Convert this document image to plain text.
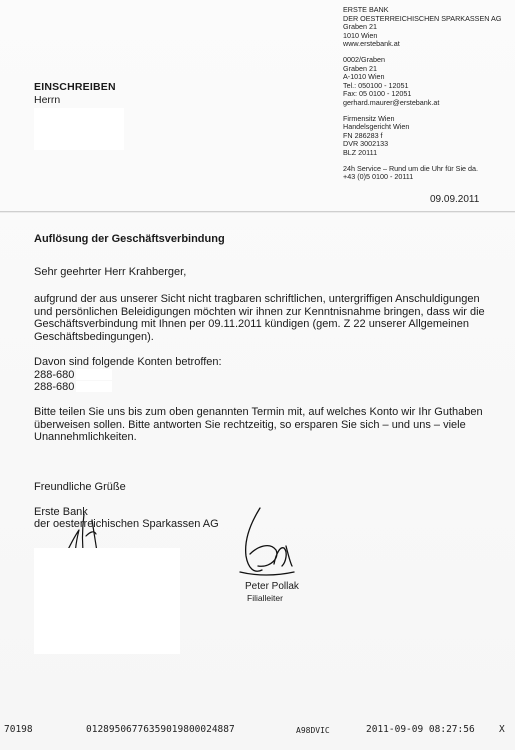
ERSTE BANK
DER OESTERREICHISCHEN SPARKASSEN AG
Graben 21
1010 Wien
www.erstebank.at
0002/Graben
Graben 21
A-1010 Wien
Tel.: 050100 - 12051
Fax: 05 0100 - 12051
gerhard.maurer@erstebank.at
Firmensitz Wien
Handelsgericht Wien
FN 286283 f
DVR 3002133
BLZ 20111
24h Service – Rund um die Uhr für Sie da.
+43 (0)5 0100 - 20111
09.09.2011
EINSCHREIBEN
Herrn
Auflösung der Geschäftsverbindung
Sehr geehrter Herr Krahberger,
aufgrund der aus unserer Sicht nicht tragbaren schriftlichen, untergriffigen Anschuldigungen und persönlichen Beleidigungen möchten wir ihnen zur Kenntnisnahme bringen, dass wir die Geschäftsverbindung mit Ihnen per 09.11.2011 kündigen (gem. Z 22 unserer Allgemeinen Geschäftsbedingungen).
Davon sind folgende Konten betroffen:
288-680
288-680
Bitte teilen Sie uns bis zum oben genannten Termin mit, auf welches Konto wir Ihr Guthaben überweisen sollen. Bitte antworten Sie rechtzeitig, so ersparen Sie sich – und uns – viele Unannehmlichkeiten.
Freundliche Grüße
Erste Bank
der oesterreichischen Sparkassen AG
Peter Pollak
Filialleiter
70198	01289506776359019800024887	A98DVIC	2011-09-09 08:27:56	X
